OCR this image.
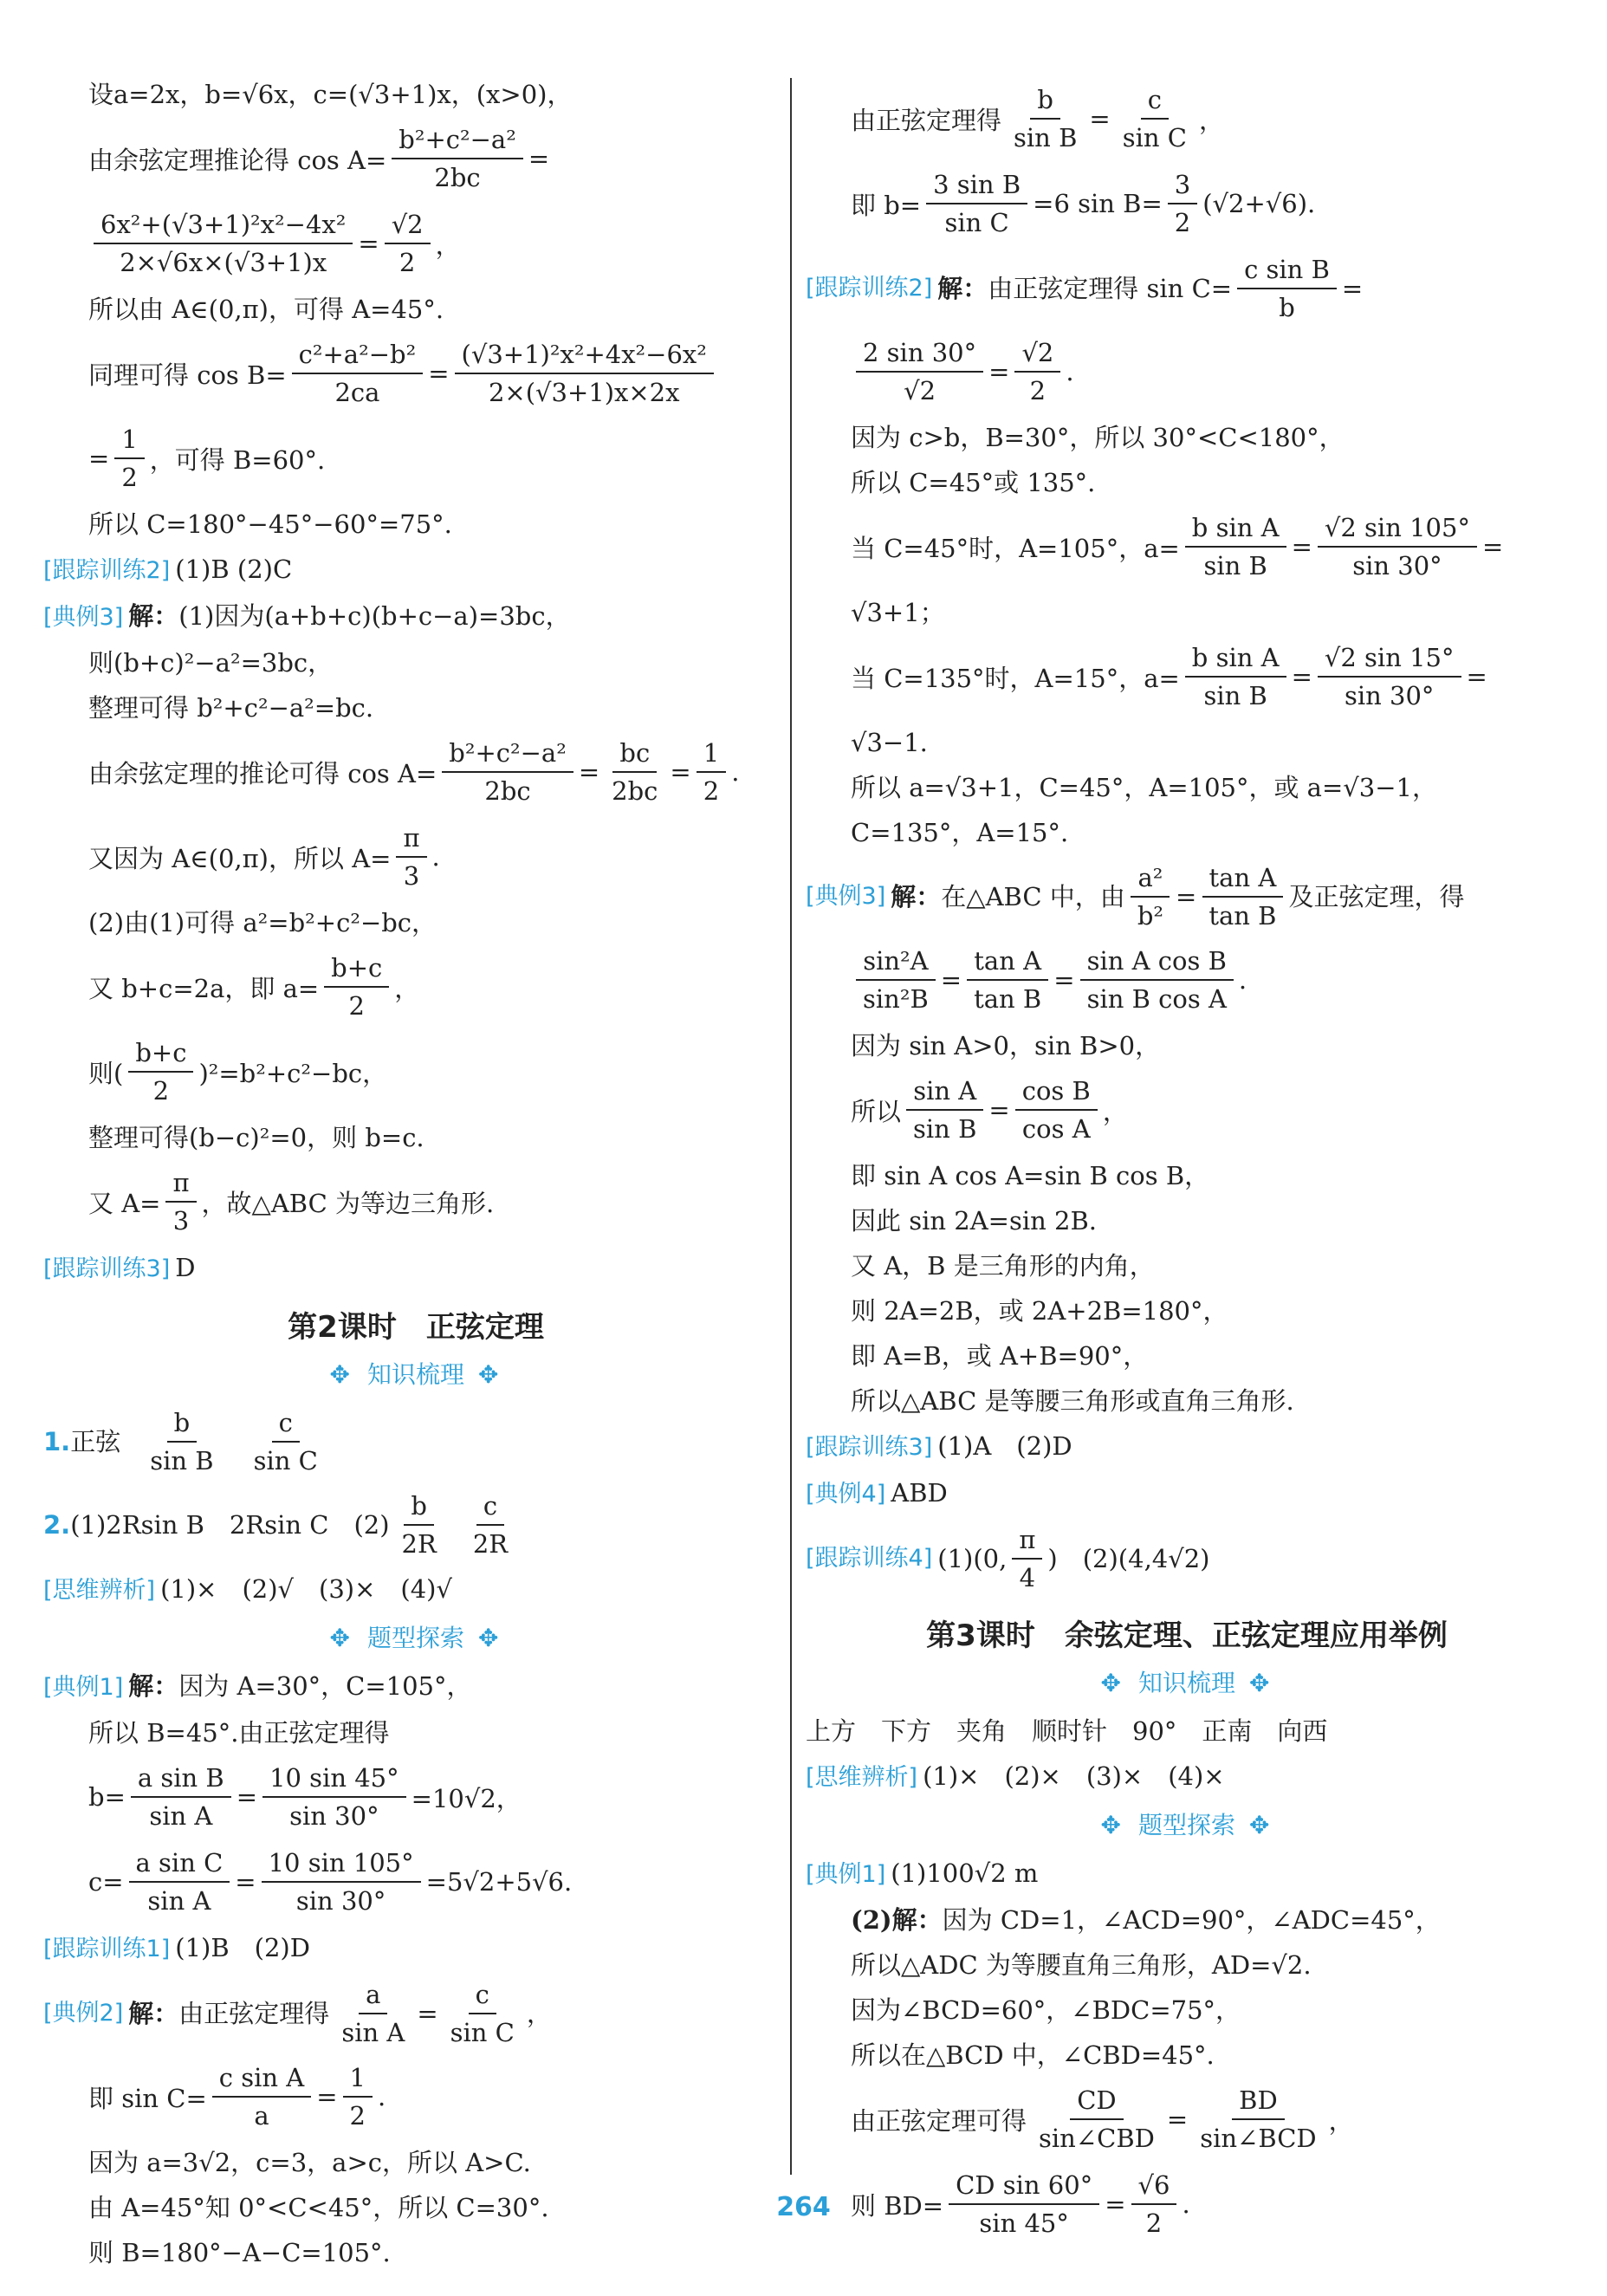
设a=2x，b=√6x，c=(√3+1)x，(x>0)，
由余弦定理推论得 $\cos A= \frac{\text{b²+c²−a²}}{2bc}$ =
$\frac{\text{6x²+(√3+1)²x²−4x²}}{2\times√6x\times(√3+1)x} = \frac{√2}{2}$ ，
所以由 A∈(0,π)，可得 A=45°.
同理可得 $\cos B= \frac{\text{c²+a²−b²}}{2ca} = \frac{\text{(√3+1)²x²+4x²−6x²}}{2\times(√3+1)x\times 2x}$
= $\frac{1}{2}$ ，可得 B=60°.
所以 C=180°−45°−60°=75°.
[ 跟踪训练2 ] (1)B (2)C
[ 典例3 ] 解：(1)因为(a+b+c)(b+c−a)=3bc，
则(b+c)²−a²=3bc，
整理可得 b²+c²−a²=bc.
由余弦定理的推论可得 $\cos A= \frac{\text{b²+c²−a²}}{2bc} = \frac{bc}{2bc} = \frac{1}{2}$ .
又因为 A∈(0,π)，所以 $A= \frac{\pi}{3}$ .
(2)由(1)可得 a²=b²+c²−bc，
又 b+c=2a，即 $a= \frac{b+c}{2}$ ，
则( $\frac{b+c}{2} )^2=b^2+c^2-bc$，
整理可得(b−c)²=0，则 b=c.
又 $A= \frac{\pi}{3}$ ，故△ABC 为等边三角形.
[ 跟踪训练3 ] D
第2课时　正弦定理
✥ 知识梳理 ✥
1. 正弦 $\frac{b}{\text{sin B}} \frac{c}{\text{sin C}}$
2. (1)2Rsin B　2Rsin C　$(2) \frac{b}{2R} \frac{c}{2R}$
[ 思维辨析 ] (1)×　(2)√　(3)×　(4)√
✥ 题型探索 ✥
[ 典例1 ] 解：因为 A=30°，C=105°，
所以 B=45°.由正弦定理得
$b= \frac{\text{a sin B}}{\text{sin A}} = \frac{10 \sin 45^\circ}{\sin 30^\circ} =10√2$，
$c= \frac{\text{a sin C}}{\text{sin A}} = \frac{10 \sin 105^\circ}{\sin 30^\circ} =5√2+5√6$.
[ 跟踪训练1 ] (1)B　(2)D
[ 典例2 ] 解： 由正弦定理得 $\frac{a}{\text{sin A}} = \frac{c}{\text{sin C}}$ ，
即 $\sin C= \frac{\text{c sin A}}{a} = \frac{1}{2}$ .
因为 a=3√2，c=3，a>c，所以 A>C.
由 A=45°知 0°<C<45°，所以 C=30°.
则 B=180°−A−C=105°.
由正弦定理得 $\frac{b}{\text{sin B}} = \frac{c}{\text{sin C}}$ ，
即 $b= \frac{\text{3 sin B}}{\text{sin C}} =6$ $\sin B= \frac{3}{2} (√2+√6)$.
[ 跟踪训练2 ] 解： 由正弦定理得 $\sin C= \frac{\text{c sin B}}{b}$ =
$\frac{2 \sin 30^\circ}{√2} = \frac{√2}{2}$ .
因为 c>b，B=30°，所以 30°<C<180°，
所以 C=45°或 135°.
当 C=45°时，A=105°，$a= \frac{\text{b sin A}}{\text{sin B}} = \frac{√2 \sin 105^\circ}{\sin 30^\circ}$ =
√3+1；
当 C=135°时，A=15°，$a= \frac{\text{b sin A}}{\text{sin B}} = \frac{√2 \sin 15^\circ}{\sin 30^\circ}$ =
√3−1.
所以 a=√3+1，C=45°，A=105°，或 a=√3−1，
C=135°，A=15°.
[ 典例3 ] 解： 在△ABC 中，由 $\frac{\text{a²}}{\text{b²}} = \frac{\text{tan A}}{\text{tan B}}$ 及正弦定理，得
$\frac{\text{sin²A}}{\text{sin²B}} = \frac{\text{tan A}}{\text{tan B}} = \frac{\text{sin A cos B}}{\text{sin B cos A}}$ .
因为 sin A>0，sin B>0，
所以 $\frac{\text{sin A}}{\text{sin B}} = \frac{\text{cos B}}{\text{cos A}}$ ，
即 sin A cos A=sin B cos B，
因此 sin 2A=sin 2B.
又 A，B 是三角形的内角，
则 2A=2B，或 2A+2B=180°，
即 A=B，或 A+B=90°，
所以△ABC 是等腰三角形或直角三角形.
[ 跟踪训练3 ] (1)A　(2)D
[ 典例4 ] ABD
[ 跟踪训练4 ] (1)(0, $\frac{\pi}{4}$ )　(2)(4,4√2)
第3课时　余弦定理、正弦定理应用举例
✥ 知识梳理 ✥
上方　下方　夹角　顺时针　90°　正南　向西
[ 思维辨析 ] (1)×　(2)×　(3)×　(4)×
✥ 题型探索 ✥
[ 典例1 ] (1)100√2 m
(2)解：因为 CD=1，∠ACD=90°，∠ADC=45°，
所以△ADC 为等腰直角三角形，AD=√2.
因为∠BCD=60°，∠BDC=75°，
所以在△BCD 中，∠CBD=45°.
由正弦定理可得 $\frac{CD}{\text{sin∠CBD}} = \frac{BD}{\text{sin∠BCD}}$ ，
则 $BD= \frac{\text{CD sin 60°}}{\sin 45^\circ} = \frac{√6}{2}$ .
264
